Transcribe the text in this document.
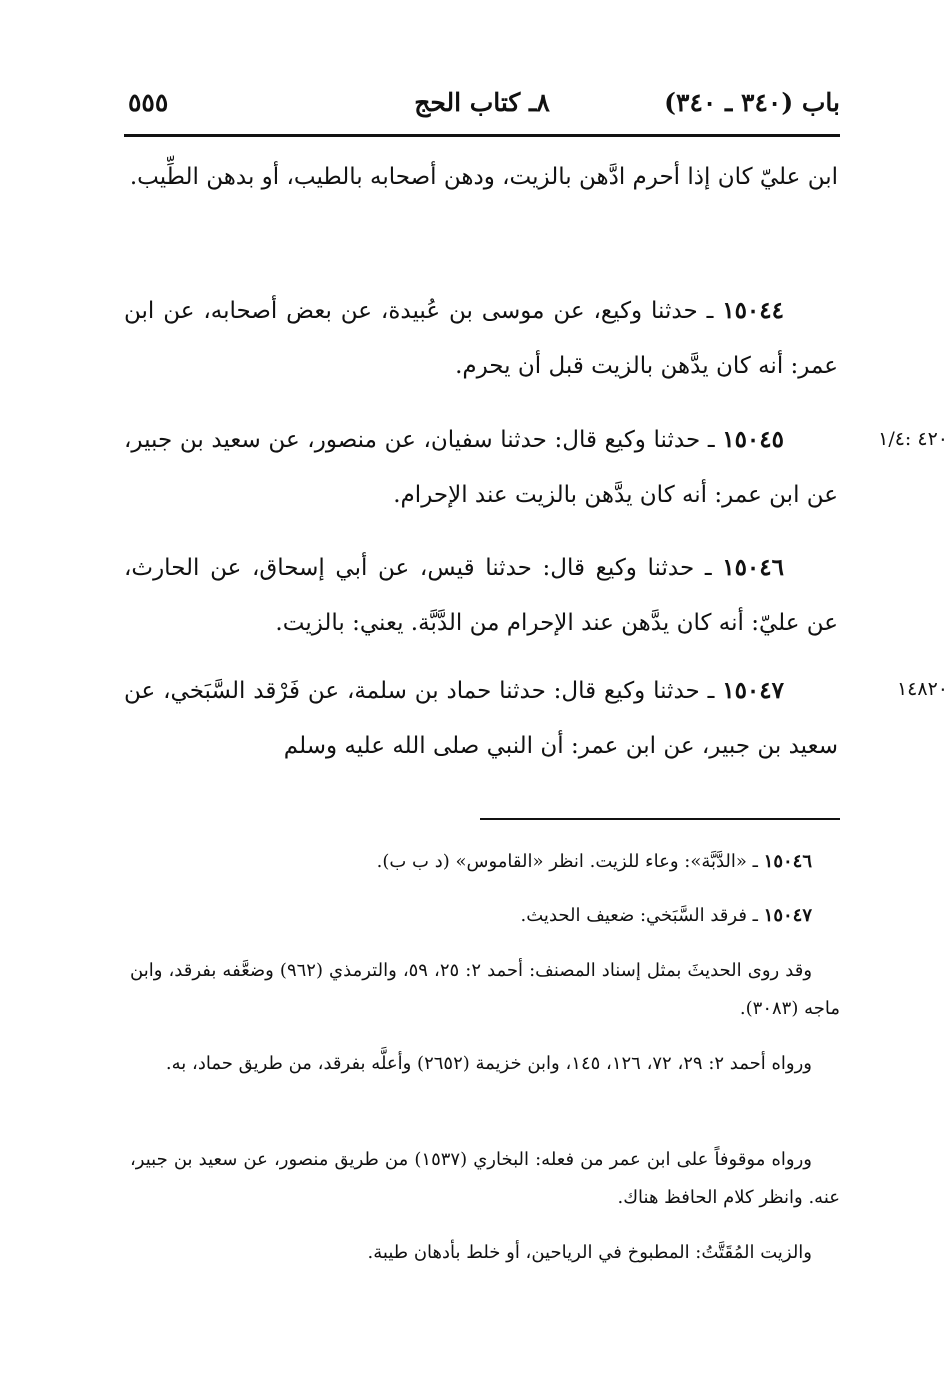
باب (٣٤٠ ـ ٣٤٠)
٨ـ كتاب الحج
٥٥٥

ابن عليّ كان إذا أحرم ادَّهن بالزيت، ودهن أصحابه بالطيب، أو بدهن الطِّيب.

١٥٠٤٤ ـ حدثنا وكيع، عن موسى بن عُبيدة، عن بعض أصحابه، عن ابن عمر: أنه كان يدَّهن بالزيت قبل أن يحرم.

١٥٠٤٥ ـ حدثنا وكيع قال: حدثنا سفيان، عن منصور، عن سعيد بن جبير، عن ابن عمر: أنه كان يدَّهن بالزيت عند الإحرام.

٤٢٠ :١/٤

١٥٠٤٦ ـ حدثنا وكيع قال: حدثنا قيس، عن أبي إسحاق، عن الحارث، عن عليّ: أنه كان يدَّهن عند الإحرام من الدَّبَّة. يعني: بالزيت.

١٥٠٤٧ ـ حدثنا وكيع قال: حدثنا حماد بن سلمة، عن فَرْقد السَّبَخي، عن سعيد بن جبير، عن ابن عمر: أن النبي صلى الله عليه وسلم

١٤٨٢٠

١٥٠٤٦ ـ «الدَّبَّة»: وعاء للزيت. انظر «القاموس» (د ب ب).

١٥٠٤٧ ـ فرقد السَّبَخي: ضعيف الحديث.

وقد روى الحديثَ بمثل إسناد المصنف: أحمد ٢: ٢٥، ٥٩، والترمذي (٩٦٢) وضعَّفه بفرقد، وابن ماجه (٣٠٨٣).

ورواه أحمد ٢: ٢٩، ٧٢، ١٢٦، ١٤٥، وابن خزيمة (٢٦٥٢) وأعلَّه بفرقد، من طريق حماد، به.

ورواه موقوفاً على ابن عمر من فعله: البخاري (١٥٣٧) من طريق منصور، عن سعيد بن جبير، عنه. وانظر كلام الحافظ هناك.

والزيت المُقَتَّتُ: المطبوخ في الرياحين، أو خلط بأدهان طيبة.
